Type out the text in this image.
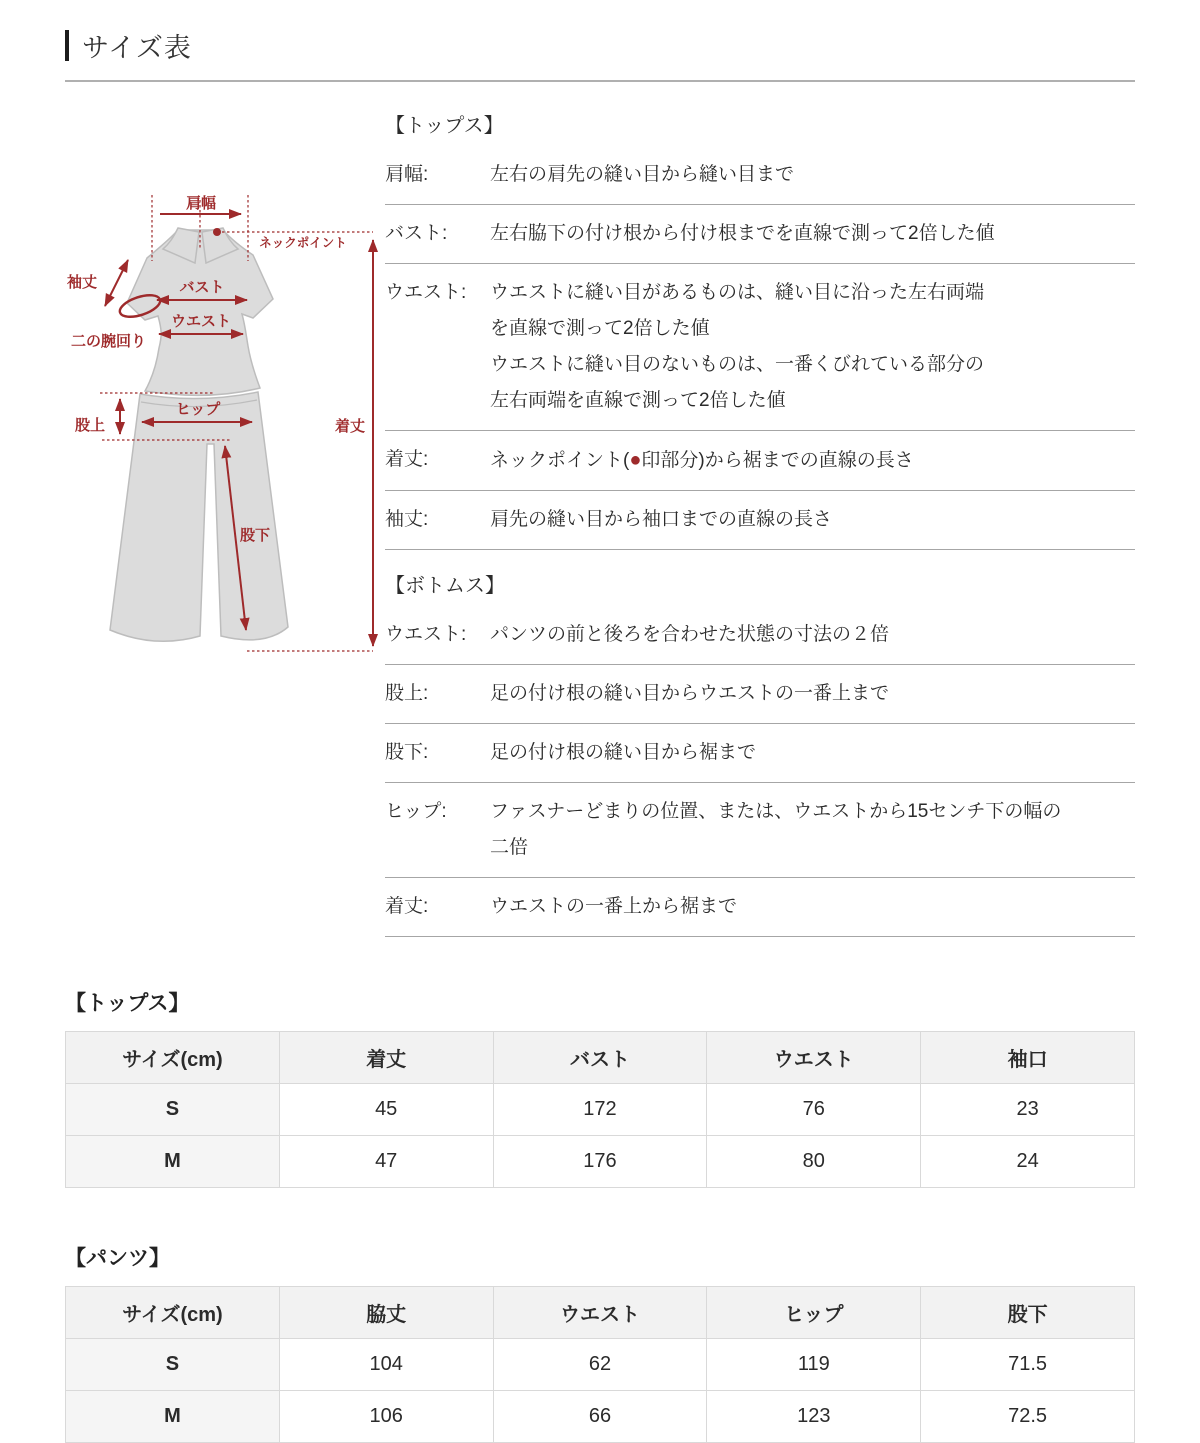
サイズ表
肩幅
ネックポイント
袖丈
二の腕回り
バスト
ウエスト
股上
ヒップ
股下
着丈
【トップス】
肩幅:	左右の肩先の縫い目から縫い目まで
バスト:	左右脇下の付け根から付け根までを直線で測って2倍した値
ウエスト:	ウエストに縫い目があるものは、縫い目に沿った左右両端
を直線で測って2倍した値
ウエストに縫い目のないものは、一番くびれている部分の
左右両端を直線で測って2倍した値
着丈:	ネックポイント(●印部分)から裾までの直線の長さ
袖丈:	肩先の縫い目から袖口までの直線の長さ
【ボトムス】
ウエスト:	パンツの前と後ろを合わせた状態の寸法の２倍
股上:	足の付け根の縫い目からウエストの一番上まで
股下:	足の付け根の縫い目から裾まで
ヒップ:	ファスナーどまりの位置、または、ウエストから15センチ下の幅の
二倍
着丈:	ウエストの一番上から裾まで
【トップス】
サイズ(cm)	着丈	バスト	ウエスト	袖口
S	45	172	76	23
M	47	176	80	24
【パンツ】
サイズ(cm)	脇丈	ウエスト	ヒップ	股下
S	104	62	119	71.5
M	106	66	123	72.5
